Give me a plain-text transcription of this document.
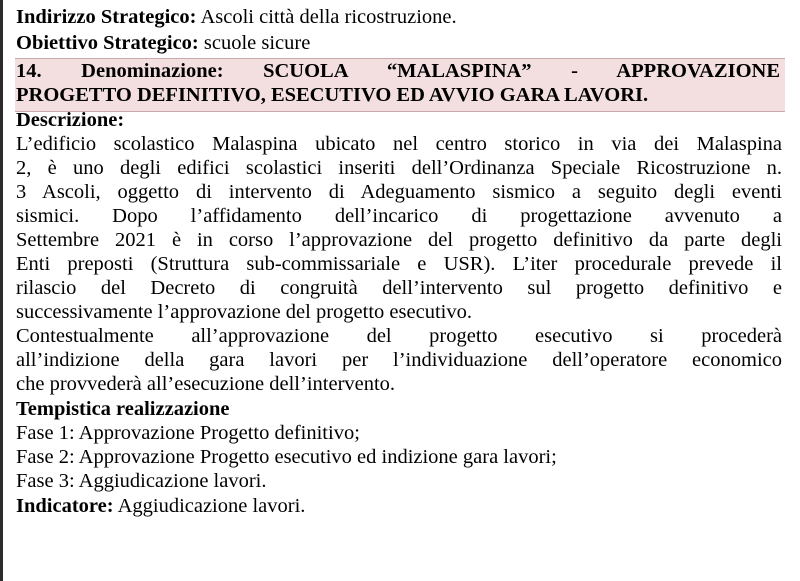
Indirizzo Strategico: Ascoli città della ricostruzione.
Obiettivo Strategico: scuole sicure
14. Denominazione: SCUOLA “MALASPINA” - APPROVAZIONE
PROGETTO DEFINITIVO, ESECUTIVO ED AVVIO GARA LAVORI.
Descrizione:
L’edificio scolastico Malaspina ubicato nel centro storico in via dei Malaspina
2, è uno degli edifici scolastici inseriti dell’Ordinanza Speciale Ricostruzione n.
3 Ascoli, oggetto di intervento di Adeguamento sismico a seguito degli eventi
sismici. Dopo l’affidamento dell’incarico di progettazione avvenuto a
Settembre 2021 è in corso l’approvazione del progetto definitivo da parte degli
Enti preposti (Struttura sub-commissariale e USR). L’iter procedurale prevede il
rilascio del Decreto di congruità dell’intervento sul progetto definitivo e
successivamente l’approvazione del progetto esecutivo.
Contestualmente all’approvazione del progetto esecutivo si procederà
all’indizione della gara lavori per l’individuazione dell’operatore economico
che provvederà all’esecuzione dell’intervento.
Tempistica realizzazione
Fase 1: Approvazione Progetto definitivo;
Fase 2: Approvazione Progetto esecutivo ed indizione gara lavori;
Fase 3: Aggiudicazione lavori.
Indicatore: Aggiudicazione lavori.
